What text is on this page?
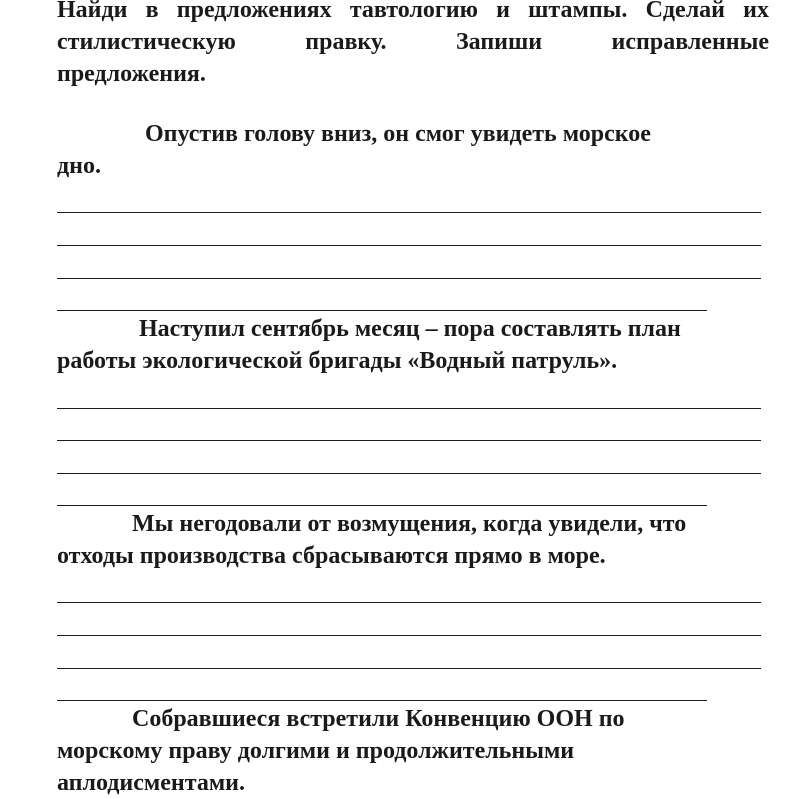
Найди в предложениях тавтологию и штампы. Сделай их
стилистическую правку. Запиши исправленные
предложения.
Опустив голову вниз, он смог увидеть морское
дно.
Наступил сентябрь месяц – пора составлять план
работы экологической бригады «Водный патруль».
Мы негодовали от возмущения, когда увидели, что
отходы производства сбрасываются прямо в море.
Собравшиеся встретили Конвенцию ООН по
морскому праву долгими и продолжительными
аплодисментами.
